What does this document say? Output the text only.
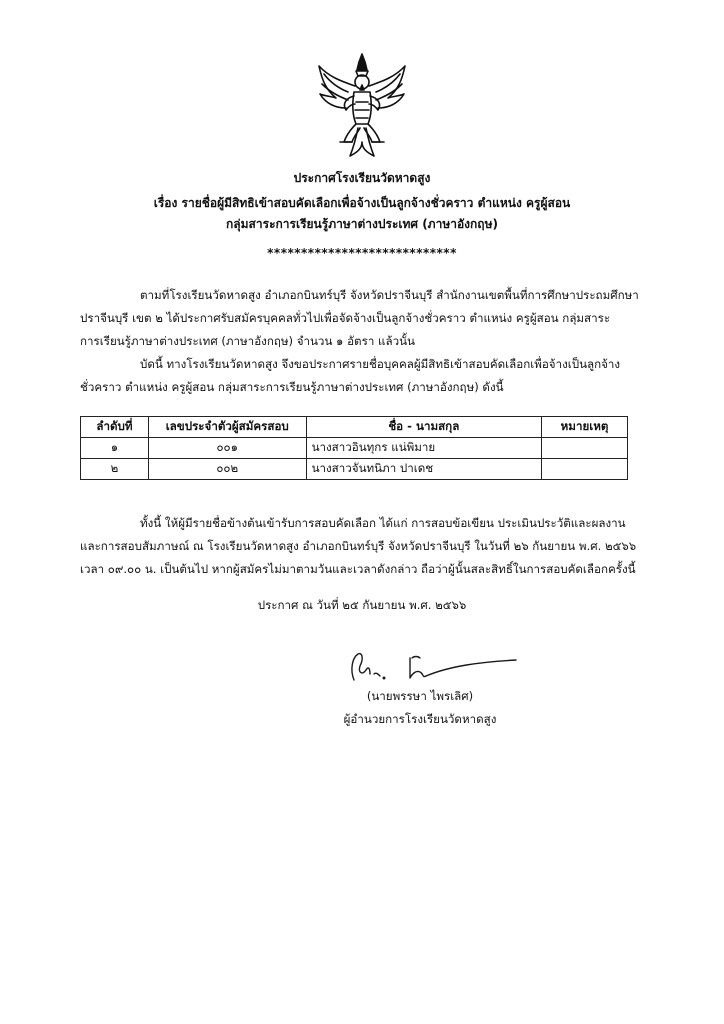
ประกาศโรงเรียนวัดหาดสูง
เรื่อง รายชื่อผู้มีสิทธิเข้าสอบคัดเลือกเพื่อจ้างเป็นลูกจ้างชั่วคราว ตำแหน่ง ครูผู้สอน
กลุ่มสาระการเรียนรู้ภาษาต่างประเทศ (ภาษาอังกฤษ)
****************************
ตามที่โรงเรียนวัดหาดสูง อำเภอกบินทร์บุรี จังหวัดปราจีนบุรี สำนักงานเขตพื้นที่การศึกษาประถมศึกษา
ปราจีนบุรี เขต ๒ ได้ประกาศรับสมัครบุคคลทั่วไปเพื่อจัดจ้างเป็นลูกจ้างชั่วคราว ตำแหน่ง ครูผู้สอน กลุ่มสาระ
การเรียนรู้ภาษาต่างประเทศ (ภาษาอังกฤษ) จำนวน ๑ อัตรา แล้วนั้น
บัดนี้ ทางโรงเรียนวัดหาดสูง จึงขอประกาศรายชื่อบุคคลผู้มีสิทธิเข้าสอบคัดเลือกเพื่อจ้างเป็นลูกจ้าง
ชั่วคราว ตำแหน่ง ครูผู้สอน กลุ่มสาระการเรียนรู้ภาษาต่างประเทศ (ภาษาอังกฤษ) ดังนี้
ลำดับที่	เลขประจำตัวผู้สมัครสอบ	ชื่อ - นามสกุล	หมายเหตุ
๑	๐๐๑	นางสาวอินทุกร แน่พิมาย	
๒	๐๐๒	นางสาวจันทนิภา ปาเดช	
ทั้งนี้ ให้ผู้มีรายชื่อข้างต้นเข้ารับการสอบคัดเลือก ได้แก่ การสอบข้อเขียน ประเมินประวัติและผลงาน
และการสอบสัมภาษณ์ ณ โรงเรียนวัดหาดสูง อำเภอกบินทร์บุรี จังหวัดปราจีนบุรี ในวันที่ ๒๖ กันยายน พ.ศ. ๒๕๖๖
เวลา ๐๙.๐๐ น. เป็นต้นไป หากผู้สมัครไม่มาตามวันและเวลาดังกล่าว ถือว่าผู้นั้นสละสิทธิ์ในการสอบคัดเลือกครั้งนี้
ประกาศ ณ วันที่ ๒๕ กันยายน พ.ศ. ๒๕๖๖
(นายพรรษา ไพรเลิศ)
ผู้อำนวยการโรงเรียนวัดหาดสูง
